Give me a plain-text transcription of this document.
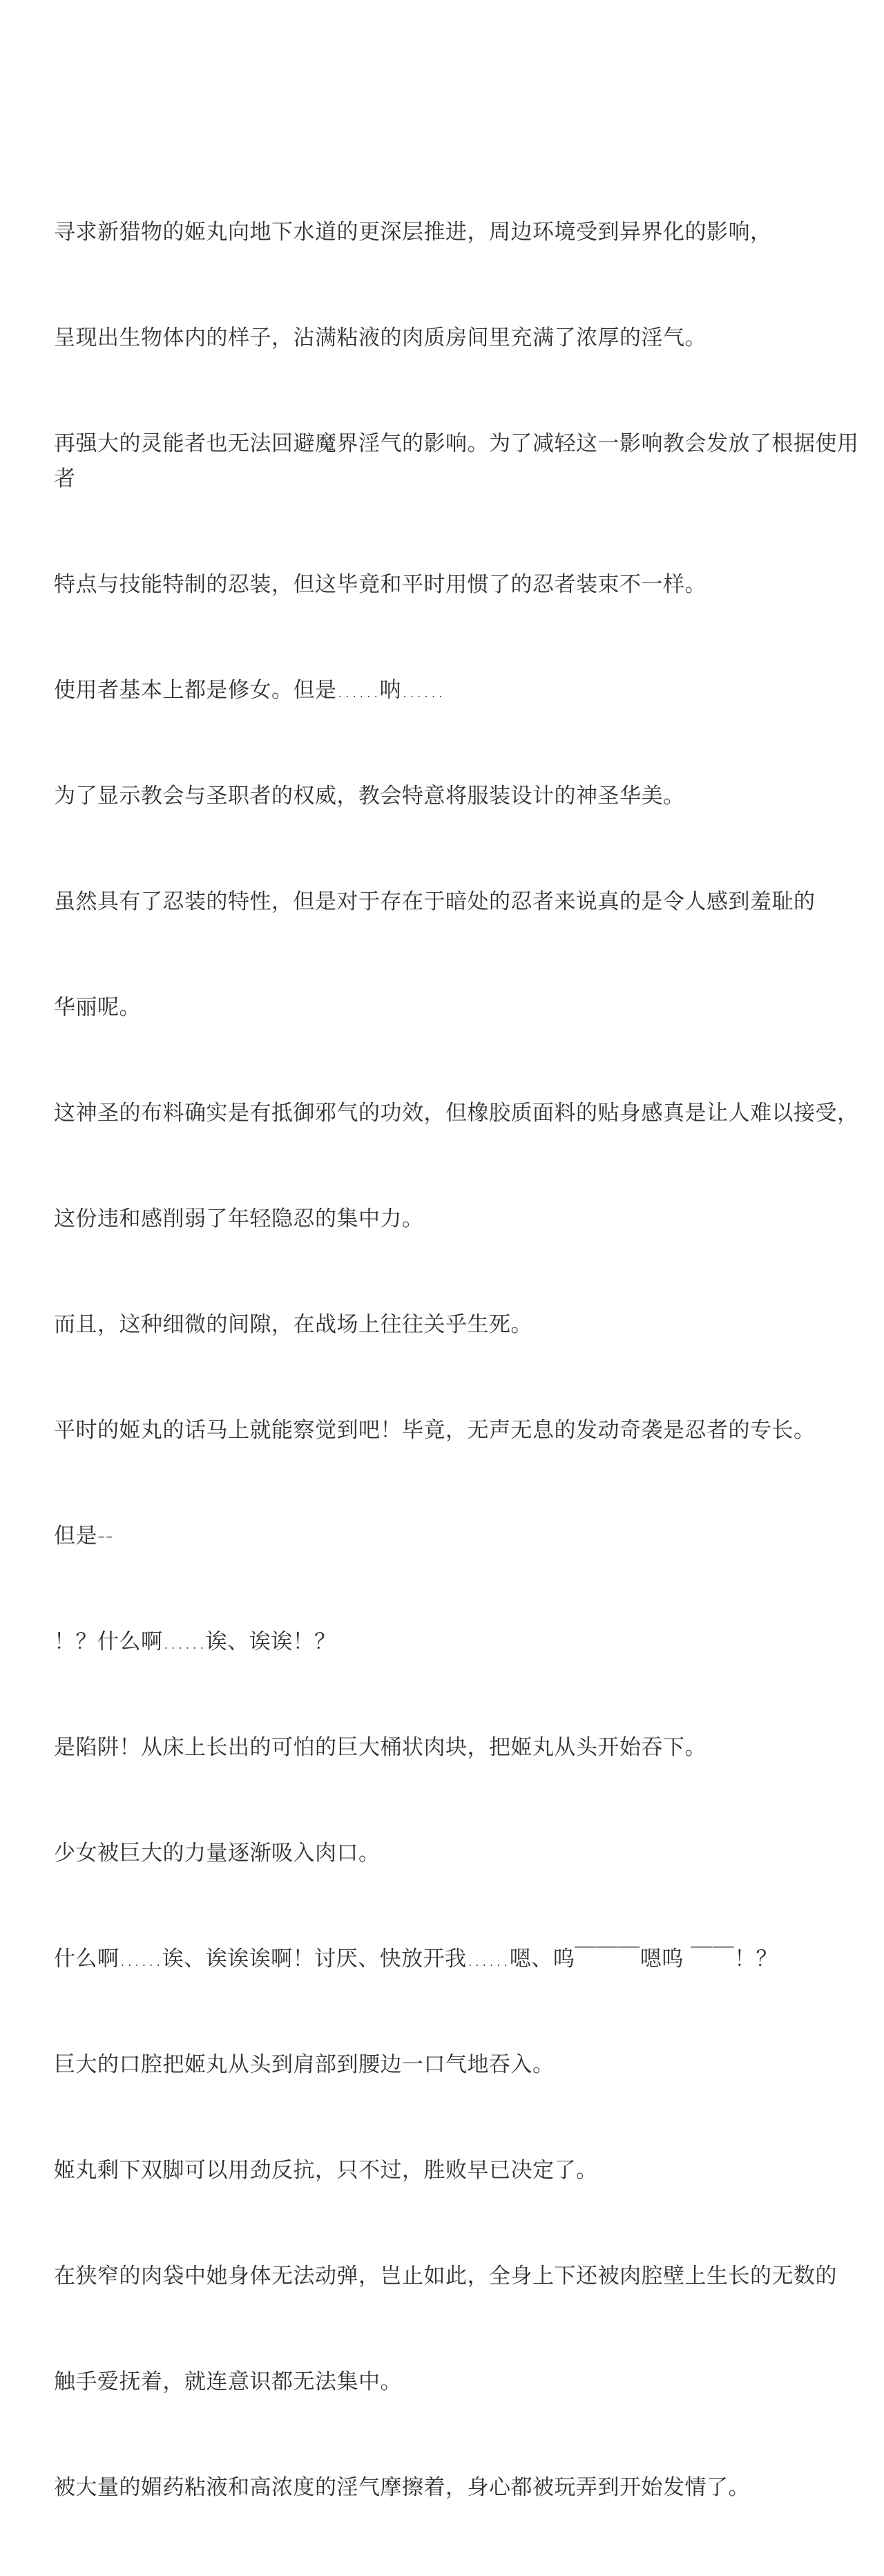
寻求新猎物的姬丸向地下水道的更深层推进，周边环境受到异界化的影响，

呈现出生物体内的样子，沾满粘液的肉质房间里充满了浓厚的淫气。

再强大的灵能者也无法回避魔界淫气的影响。为了减轻这一影响教会发放了根据使用者

特点与技能特制的忍装，但这毕竟和平时用惯了的忍者装束不一样。

使用者基本上都是修女。但是......呐......

为了显示教会与圣职者的权威，教会特意将服装设计的神圣华美。

虽然具有了忍装的特性，但是对于存在于暗处的忍者来说真的是令人感到羞耻的

华丽呢。

这神圣的布料确实是有抵御邪气的功效，但橡胶质面料的贴身感真是让人难以接受，

这份违和感削弱了年轻隐忍的集中力。

而且，这种细微的间隙，在战场上往往关乎生死。

平时的姬丸的话马上就能察觉到吧！毕竟，无声无息的发动奇袭是忍者的专长。

但是--

！？什么啊......诶、诶诶！？

是陷阱！从床上长出的可怕的巨大桶状肉块，把姬丸从头开始吞下。

少女被巨大的力量逐渐吸入肉口。

什么啊......诶、诶诶诶啊！讨厌、快放开我......嗯、呜￣￣￣嗯呜 ￣￣！？

巨大的口腔把姬丸从头到肩部到腰边一口气地吞入。

姬丸剩下双脚可以用劲反抗，只不过，胜败早已决定了。

在狭窄的肉袋中她身体无法动弹，岂止如此，全身上下还被肉腔壁上生长的无数的

触手爱抚着，就连意识都无法集中。

被大量的媚药粘液和高浓度的淫气摩擦着，身心都被玩弄到开始发情了。
